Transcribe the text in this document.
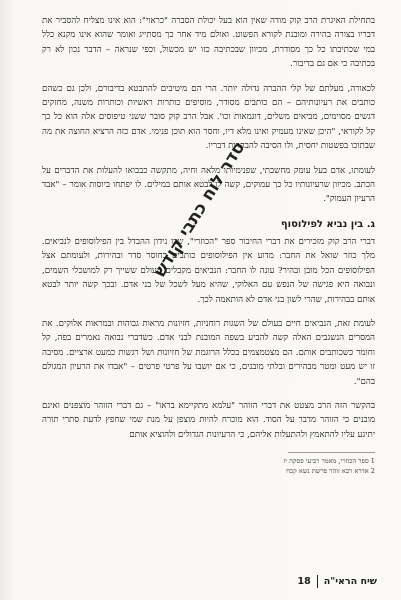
בתחילת האיגרת הרב קוק מודה שאין הוא בעל יכולת הסברה "כראוי": הוא אינו מצליח להסביר את דבריו בצורה בהירה ומובנת לקורא הפשוט. ואולם מיד אחר כך מסתייג ואומר שהוא אינו מקנא כלל במי שכתיבתו כל כך מסודרת, מכיוון שבכתיבה כזו יש מכשול, וכפי שנראה – הדבר נכון לא רק בכתיבה כי אם גם בדיבור.

לכאורה, מעלתם של קלי ההברה גדולה יותר. הרי הם מיטיבים להתבטא בדיבורם, ולכן גם כשהם כותבים את רעיונותיהם – הם כותבים מסודר, מוסיפים כותרות ראשיות וכותרות משנה, מחזקים דגשים מסוימים, מביאים משלים, דוגמאות וכו'. אבל הרב קוק סובר ששני טיפוסים אלה הוא כל כך קל לקוראי, "היכן שאינו מעמיק ואינו מלא דיו, וחסר הוא תוכן פנימי. אדם כזה הרציא החוצה את מה שבתוכו בפשטות יחסית, ולו הסיבה להבהרות דבריו.

לעומתו, אדם בעל עומק מחשבתי, שפנימיותו מלאה וחיה, מתקשה כבבואו להעלות את הדברים על הכתב. מכיוון שרעיונותיו כל כך עמוקים, קשה לו לבטא אותם במילים. לו יפתחו ביוסות אומר – "אבד הרעיון העמוק".

ג. בין נביא לפילוסוף

דברי הרב קוק מזכירים את דברי החיבור ספר "הכוזרי", שבו נידון ההבדל בין הפילוסופים לנביאים. מלך כוזר שואל את החבר: מדוע אין הפילוסופים כותבים בחוסר סדר ובהירות, ולעומתם אצל הפילוסופים הכל מובן ובהיר? עונה לו החבר: הנביאים מקבלים מעולם ששייך רק למושכלי השמים, ונבואה היא פגישה של הנפש עם האלוקי, שהיא מעל לשכל של בני אדם. ובכך קשה יותר לבטא אותם בבהירות, שהרי לשון בני אדם לא הותאמה לכך.

לעומת זאת, הנביאים חיים בעולם של השגות רוחניות, חזיונות מראות גבוהות ובמראות אלוקים. את המסרים הנשגבים האלה קשה להביע בשפה המובנת לבני אדם. כשדברי נבואה נאמרים בפה, קל וחומר כשכותבים אותם. הם מצטמצמים בכלל הרוגמת של חזיונות ושל רגשות כמעט ארציים. מסיבה זו יש מעט ומטר מבהירים ובלתי מובנים, כי אם יושבו על פרטי פרטים – "אבדו את הרעיון המגולם בהם".

בהקשר הזה הרב מצטט את דברי הזוהר "עלמא מתקיימא בראו" – גם דברי הזוהר מוצפנים ואינם מובנים כי הזוהר מדבר על הסוד. הוא מוכרח להיות מוצפן על מנת שמי שחפץ לדעת סתרי תורה יתיגע עליו להתאמץ ולהתעלות אליהם, כי הרעיונות הגדולים ולהוציא אותם

1 ספר הכוזרי, מאמר רביעי פסקה יז

2 אדרא רבא זוהר פרשת נשא קכח

סדר לוח כתבי קודש
שיח הראי"ה
18
